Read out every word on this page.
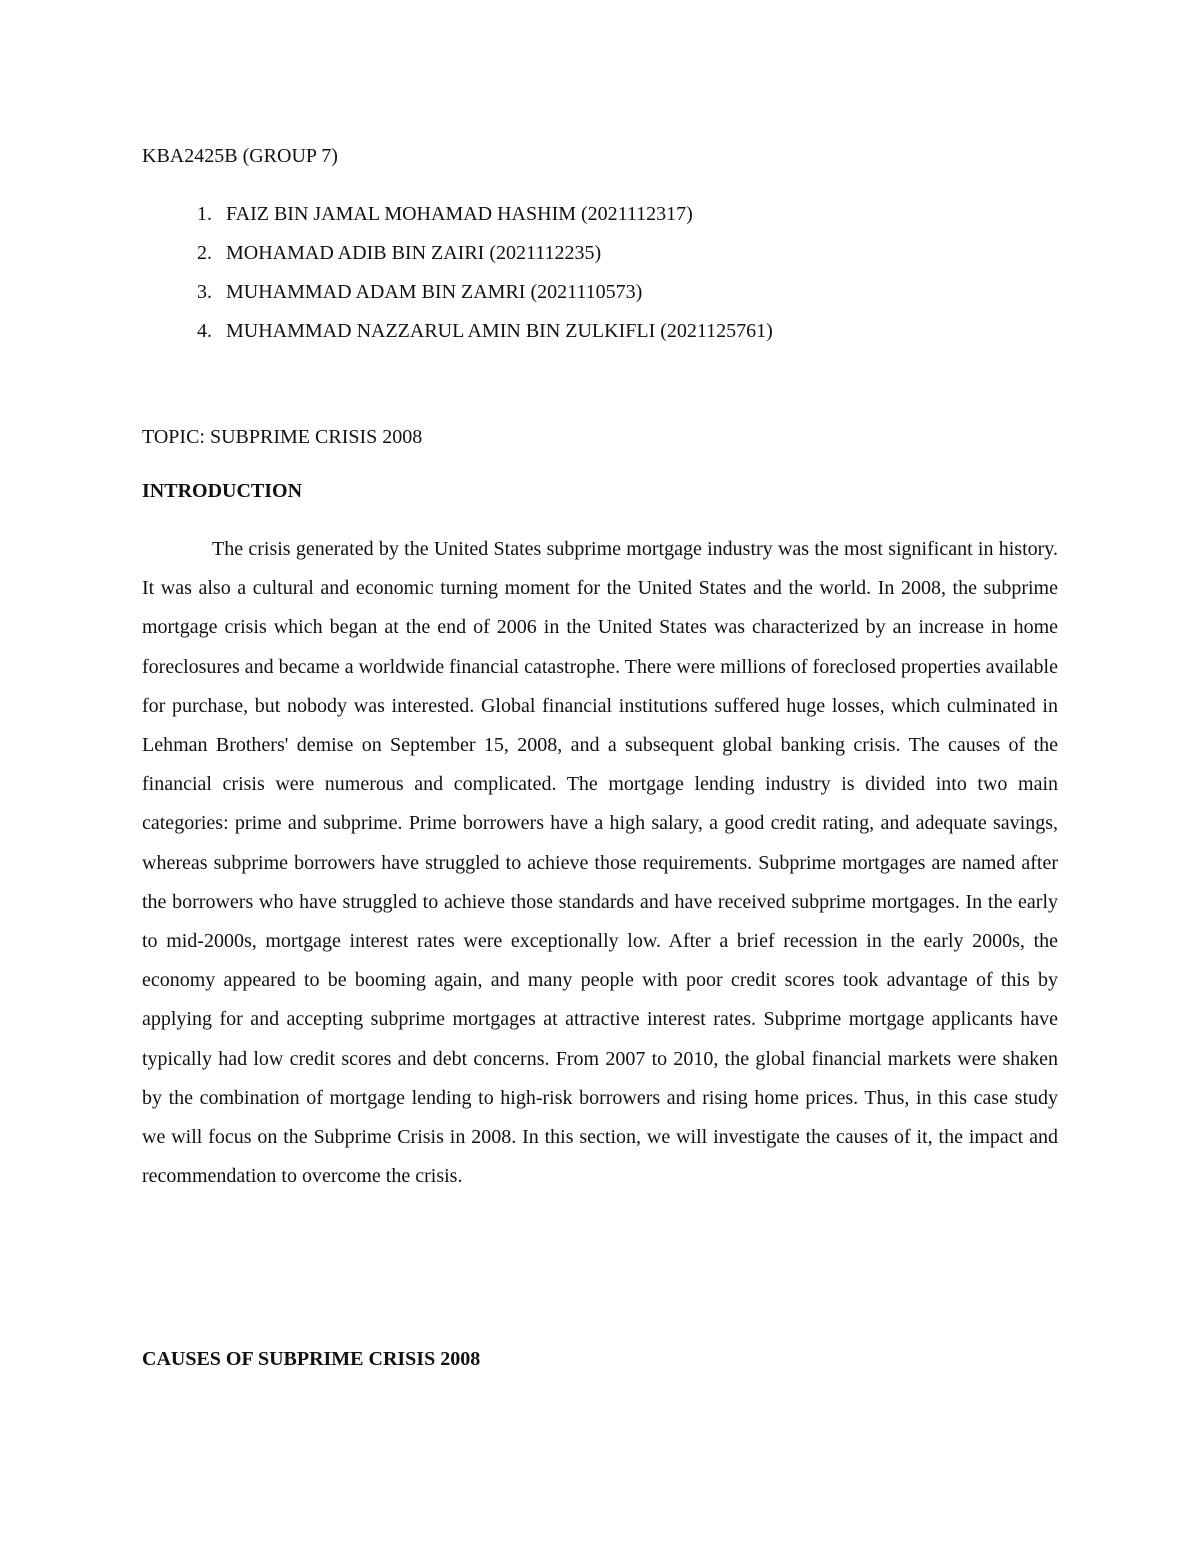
KBA2425B (GROUP 7)

1. FAIZ BIN JAMAL MOHAMAD HASHIM (2021112317)
2. MOHAMAD ADIB BIN ZAIRI (2021112235)
3. MUHAMMAD ADAM BIN ZAMRI (2021110573)
4. MUHAMMAD NAZZARUL AMIN BIN ZULKIFLI (2021125761)

TOPIC: SUBPRIME CRISIS 2008

INTRODUCTION

The crisis generated by the United States subprime mortgage industry was the most significant in history. It was also a cultural and economic turning moment for the United States and the world. In 2008, the subprime mortgage crisis which began at the end of 2006 in the United States was characterized by an increase in home foreclosures and became a worldwide financial catastrophe. There were millions of foreclosed properties available for purchase, but nobody was interested. Global financial institutions suffered huge losses, which culminated in Lehman Brothers' demise on September 15, 2008, and a subsequent global banking crisis. The causes of the financial crisis were numerous and complicated. The mortgage lending industry is divided into two main categories: prime and subprime. Prime borrowers have a high salary, a good credit rating, and adequate savings, whereas subprime borrowers have struggled to achieve those requirements. Subprime mortgages are named after the borrowers who have struggled to achieve those standards and have received subprime mortgages. In the early to mid-2000s, mortgage interest rates were exceptionally low. After a brief recession in the early 2000s, the economy appeared to be booming again, and many people with poor credit scores took advantage of this by applying for and accepting subprime mortgages at attractive interest rates. Subprime mortgage applicants have typically had low credit scores and debt concerns. From 2007 to 2010, the global financial markets were shaken by the combination of mortgage lending to high-risk borrowers and rising home prices. Thus, in this case study we will focus on the Subprime Crisis in 2008. In this section, we will investigate the causes of it, the impact and recommendation to overcome the crisis.

CAUSES OF SUBPRIME CRISIS 2008
